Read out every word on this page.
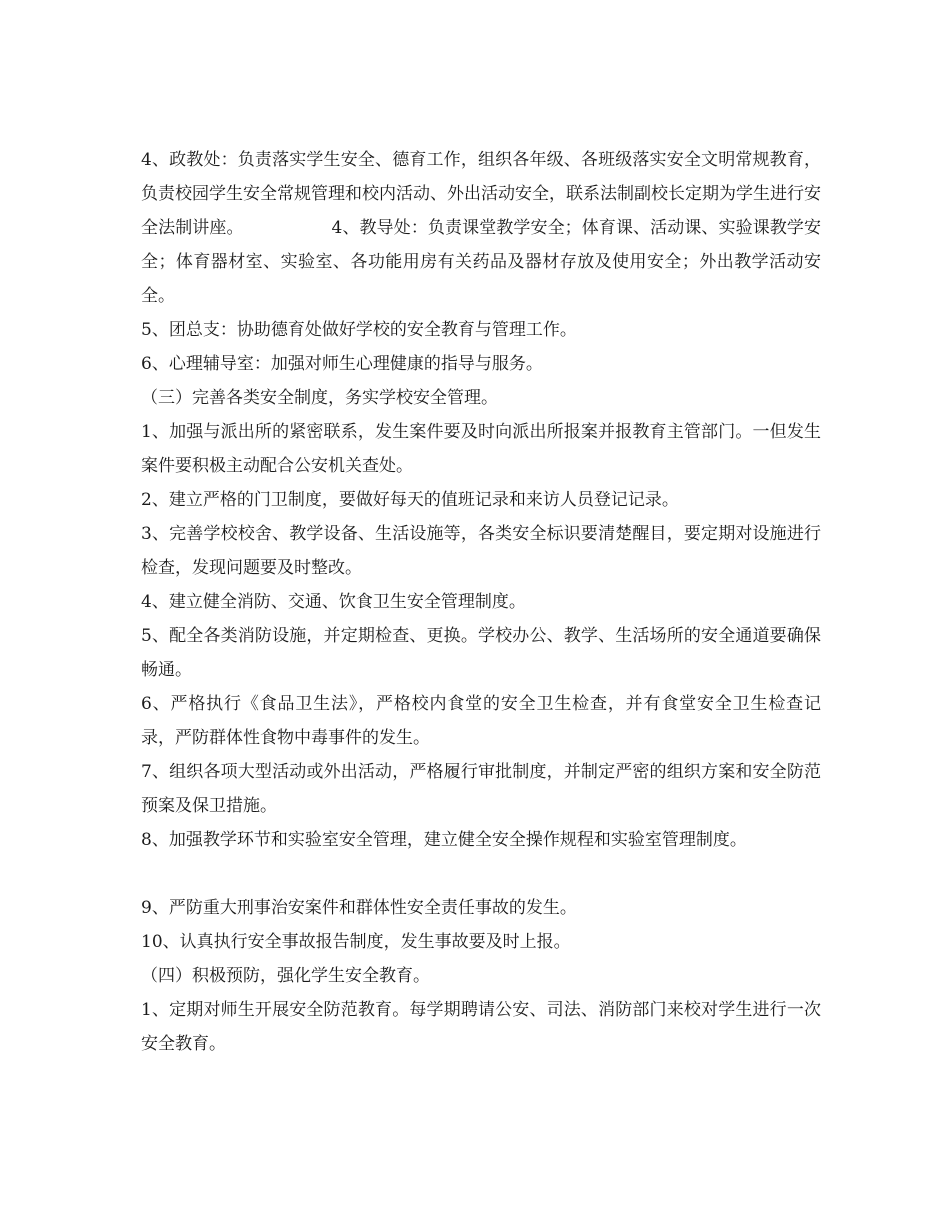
4、政教处：负责落实学生安全、德育工作，组织各年级、各班级落实安全文明常规教育，负责校园学生安全常规管理和校内活动、外出活动安全，联系法制副校长定期为学生进行安全法制讲座。                4、教导处：负责课堂教学安全；体育课、活动课、实验课教学安全；体育器材室、实验室、各功能用房有关药品及器材存放及使用安全；外出教学活动安全。

5、团总支：协助德育处做好学校的安全教育与管理工作。

6、心理辅导室：加强对师生心理健康的指导与服务。

（三）完善各类安全制度，务实学校安全管理。

1、加强与派出所的紧密联系，发生案件要及时向派出所报案并报教育主管部门。一但发生案件要积极主动配合公安机关查处。

2、建立严格的门卫制度，要做好每天的值班记录和来访人员登记记录。

3、完善学校校舍、教学设备、生活设施等，各类安全标识要清楚醒目，要定期对设施进行检查，发现问题要及时整改。

4、建立健全消防、交通、饮食卫生安全管理制度。

5、配全各类消防设施，并定期检查、更换。学校办公、教学、生活场所的安全通道要确保畅通。

6、严格执行《食品卫生法》，严格校内食堂的安全卫生检查，并有食堂安全卫生检查记录，严防群体性食物中毒事件的发生。

7、组织各项大型活动或外出活动，严格履行审批制度，并制定严密的组织方案和安全防范预案及保卫措施。

8、加强教学环节和实验室安全管理，建立健全安全操作规程和实验室管理制度。

9、严防重大刑事治安案件和群体性安全责任事故的发生。

10、认真执行安全事故报告制度，发生事故要及时上报。

（四）积极预防，强化学生安全教育。

1、定期对师生开展安全防范教育。每学期聘请公安、司法、消防部门来校对学生进行一次安全教育。
